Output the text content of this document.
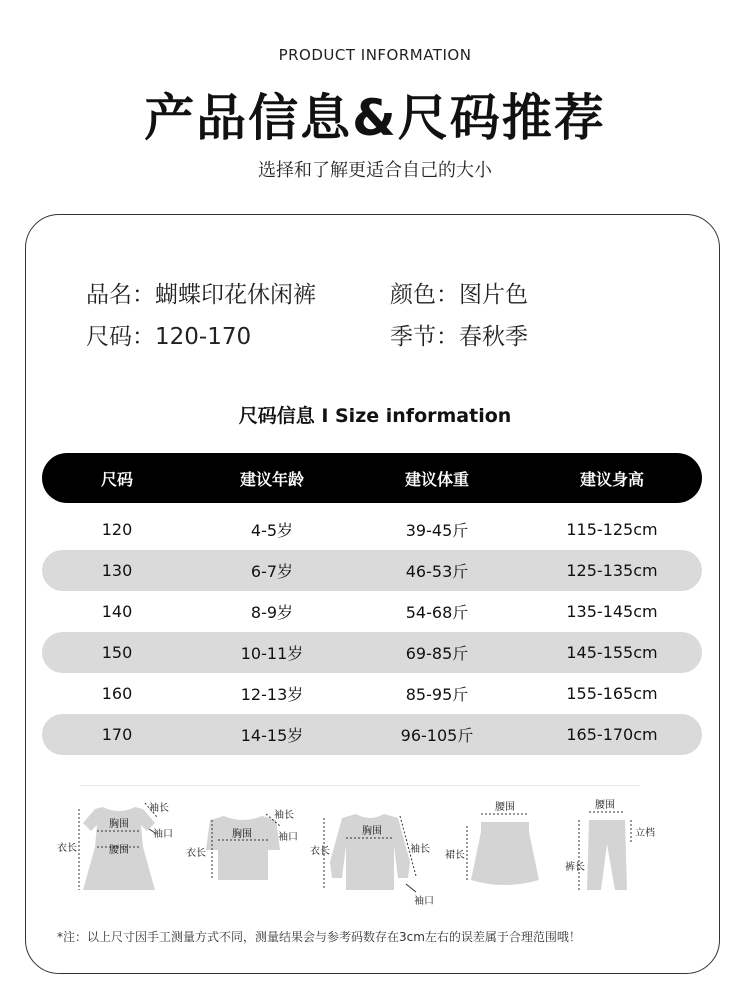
PRODUCT INFORMATION
产品信息&尺码推荐
选择和了解更适合自己的大小
品名：蝴蝶印花休闲裤	颜色：图片色
尺码：120-170	季节：春秋季
尺码信息 I Size information
尺码	建议年龄	建议体重	建议身高
120	4-5岁	39-45斤	115-125cm
130	6-7岁	46-53斤	125-135cm
140	8-9岁	54-68斤	135-145cm
150	10-11岁	69-85斤	145-155cm
160	12-13岁	85-95斤	155-165cm
170	14-15岁	96-105斤	165-170cm
胸围
腰围
衣长
袖长
袖口	胸围
衣长
袖长
袖口
胸围
衣长	袖长
袖口
腰围
裙长
腰围
立档
裤长
*注：以上尺寸因手工测量方式不同，测量结果会与参考码数存在3cm左右的误差属于合理范围哦！
